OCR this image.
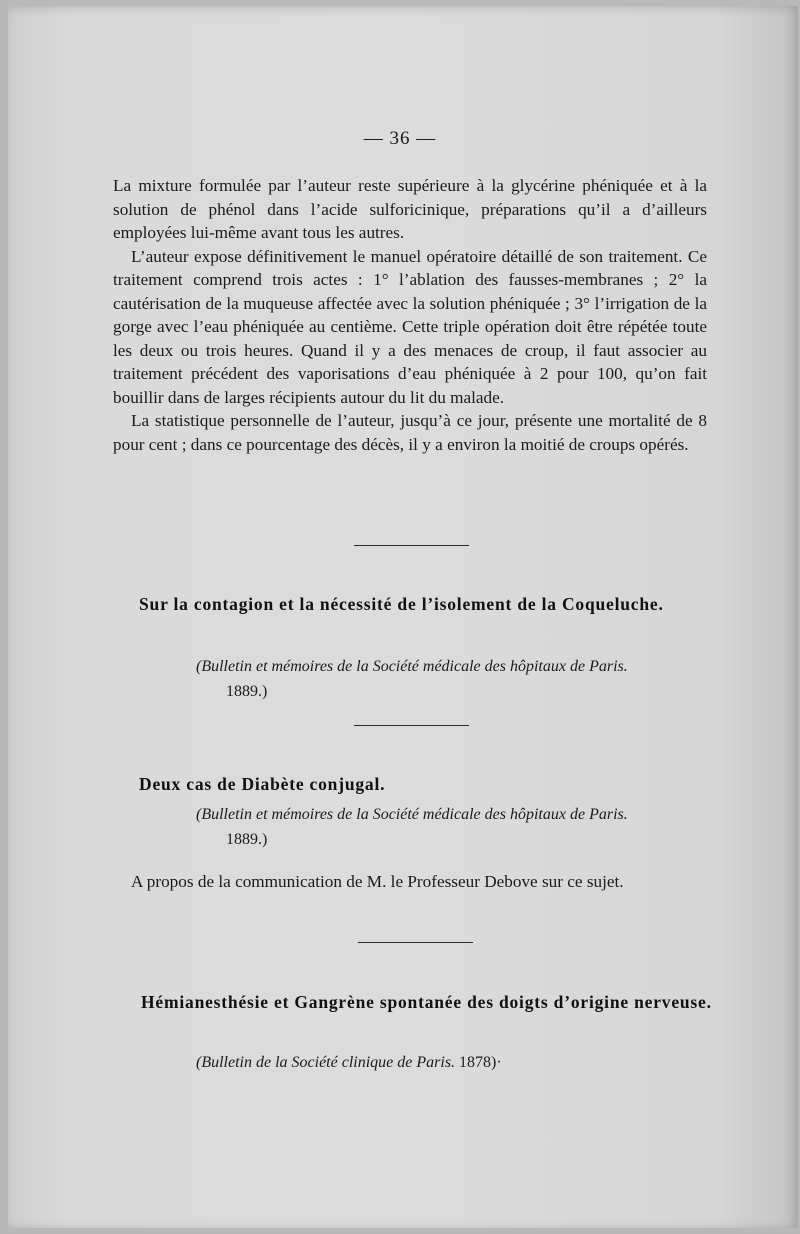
— 36 —

La mixture formulée par l’auteur reste supérieure à la glycérine phéniquée et à la solution de phénol dans l’acide sulforicinique, préparations qu’il a d’ailleurs employées lui-même avant tous les autres.

L’auteur expose définitivement le manuel opératoire détaillé de son traitement. Ce traitement comprend trois actes : 1° l’ablation des fausses-membranes ; 2° la cautérisation de la muqueuse affectée avec la solution phéniquée ; 3° l’irrigation de la gorge avec l’eau phéniquée au centième. Cette triple opération doit être répétée toute les deux ou trois heures. Quand il y a des menaces de croup, il faut associer au traitement précédent des vaporisations d’eau phéniquée à 2 pour 100, qu’on fait bouillir dans de larges récipients autour du lit du malade.

La statistique personnelle de l’auteur, jusqu’à ce jour, présente une mortalité de 8 pour cent ; dans ce pourcentage des décès, il y a environ la moitié de croups opérés.

Sur la contagion et la nécessité de l’isolement de la Coqueluche.
(Bulletin et mémoires de la Société médicale des hôpitaux de Paris.
1889.)
Deux cas de Diabète conjugal.
(Bulletin et mémoires de la Société médicale des hôpitaux de Paris.
1889.)

A propos de la communication de M. le Professeur Debove sur ce sujet.

Hémianesthésie et Gangrène spontanée des doigts d’origine nerveuse.
(Bulletin de la Société clinique de Paris. 1878)·
